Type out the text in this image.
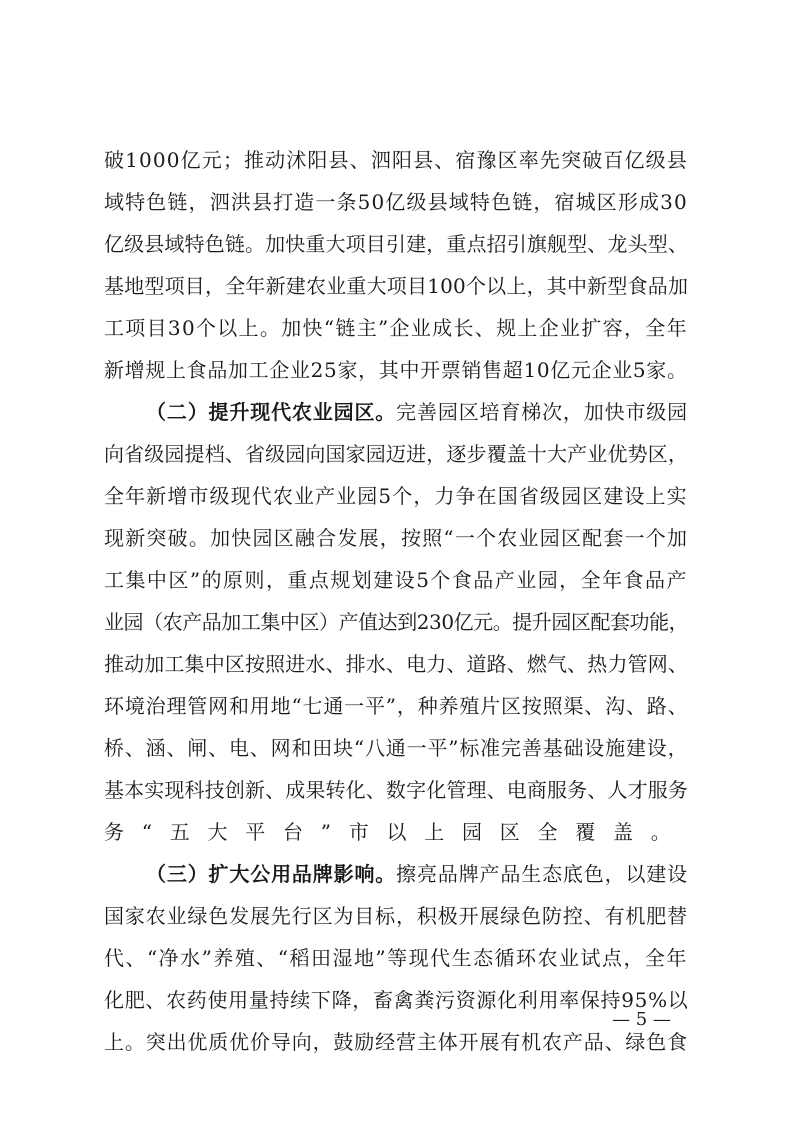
破1000亿元；推动沭阳县、泗阳县、宿豫区率先突破百亿级县
域特色链，泗洪县打造一条50亿级县域特色链，宿城区形成30
亿级县域特色链。加快重大项目引建，重点招引旗舰型、龙头型、
基地型项目，全年新建农业重大项目100个以上，其中新型食品加
工项目30个以上。加快“链主”企业成长、规上企业扩容，全年
新增规上食品加工企业25家，其中开票销售超10亿元企业5家。
（二）提升现代农业园区。完善园区培育梯次，加快市级园
向省级园提档、省级园向国家园迈进，逐步覆盖十大产业优势区，
全年新增市级现代农业产业园5个，力争在国省级园区建设上实
现新突破。加快园区融合发展，按照“一个农业园区配套一个加
工集中区”的原则，重点规划建设5个食品产业园，全年食品产
业园（农产品加工集中区）产值达到230亿元。提升园区配套功能，
推动加工集中区按照进水、排水、电力、道路、燃气、热力管网、
环境治理管网和用地“七通一平”，种养殖片区按照渠、沟、路、
桥、涵、闸、电、网和田块“八通一平”标准完善基础设施建设，
基本实现科技创新、成果转化、数字化管理、电商服务、人才服务
务“五大平台”市以上园区全覆盖。
（三）扩大公用品牌影响。擦亮品牌产品生态底色，以建设
国家农业绿色发展先行区为目标，积极开展绿色防控、有机肥替
代、“净水”养殖、“稻田湿地”等现代生态循环农业试点，全年
化肥、农药使用量持续下降，畜禽粪污资源化利用率保持95%以
上。突出优质优价导向，鼓励经营主体开展有机农产品、绿色食
— 5 —
